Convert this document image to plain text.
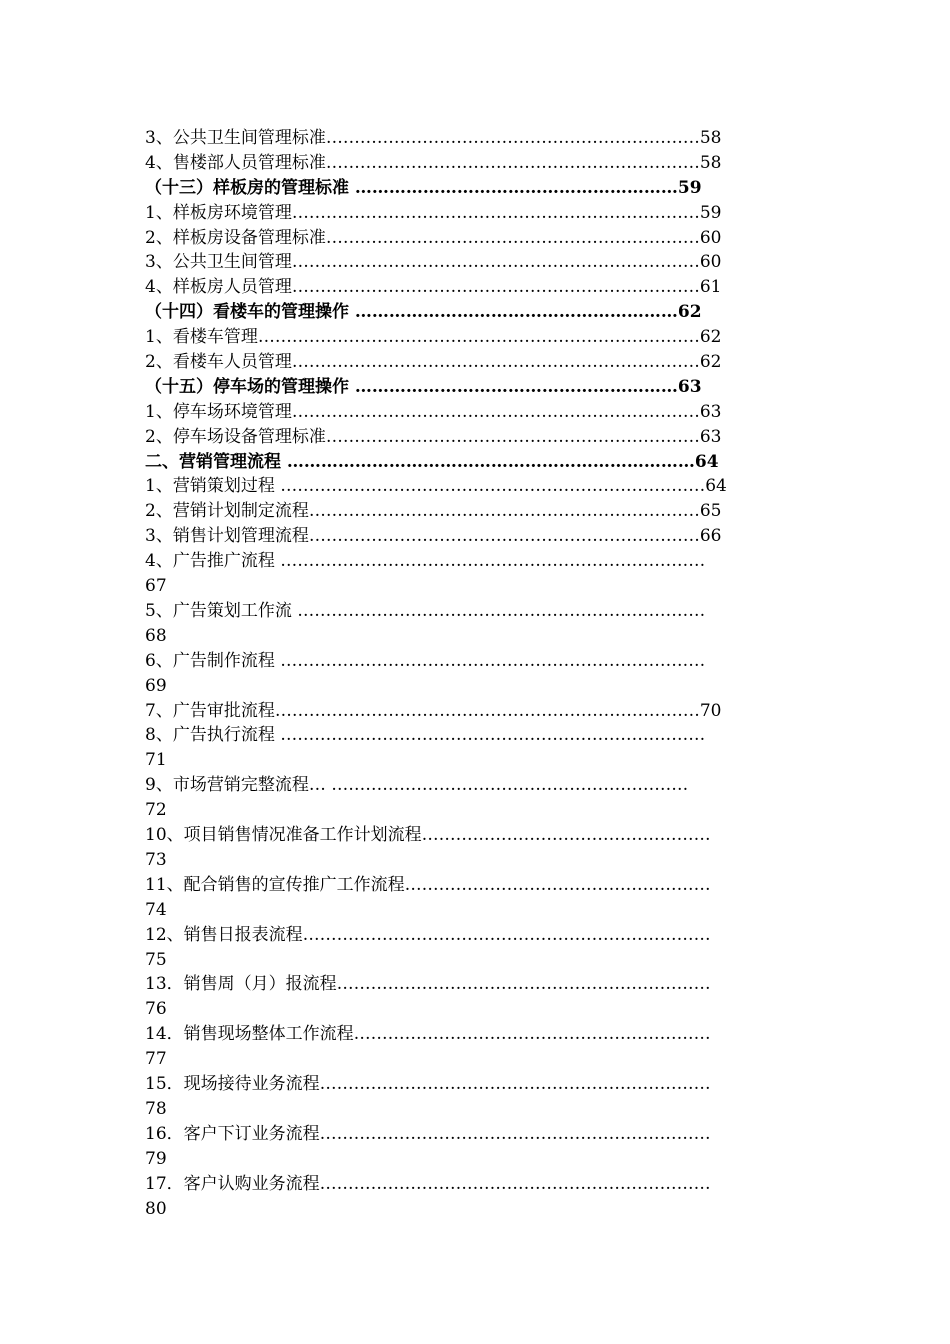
3、公共卫生间管理标准…………………………………………………………58
4、售楼部人员管理标准…………………………………………………………58
（十三）样板房的管理标准 …………………………………………………59
1、样板房环境管理………………………………………………………………59
2、样板房设备管理标准…………………………………………………………60
3、公共卫生间管理………………………………………………………………60
4、样板房人员管理………………………………………………………………61
（十四）看楼车的管理操作 …………………………………………………62
1、看楼车管理……………………………………………………………………62
2、看楼车人员管理………………………………………………………………62
（十五）停车场的管理操作 …………………………………………………63
1、停车场环境管理………………………………………………………………63
2、停车场设备管理标准…………………………………………………………63
二、营销管理流程 ………………………………………………………………64
1、营销策划过程 …………………………………………………………………64
2、营销计划制定流程……………………………………………………………65
3、销售计划管理流程……………………………………………………………66
4、广告推广流程 …………………………………………………………………
67
5、广告策划工作流 ………………………………………………………………
68
6、广告制作流程 …………………………………………………………………
69
7、广告审批流程…………………………………………………………………70
8、广告执行流程 …………………………………………………………………
71
9、市场营销完整流程… ………………………………………………………
72
10、项目销售情况准备工作计划流程……………………………………………
73
11、配合销售的宣传推广工作流程………………………………………………
74
12、销售日报表流程………………………………………………………………
75
13．销售周（月）报流程…………………………………………………………
76
14．销售现场整体工作流程………………………………………………………
77
15．现场接待业务流程……………………………………………………………
78
16．客户下订业务流程……………………………………………………………
79
17．客户认购业务流程……………………………………………………………
80
